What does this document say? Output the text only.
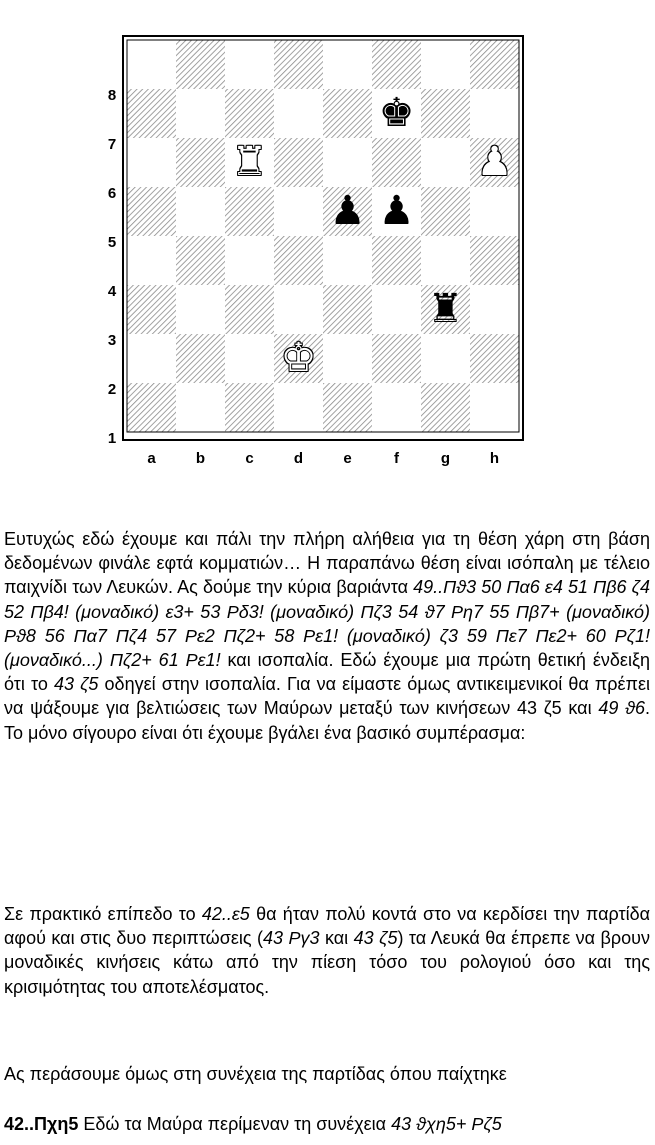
8
7
6
5
4
3
2
1
a	b	c	d	e	f	g	h
♚
♜	♟
♟ ♟
♜
♚
Ευτυχώς εδώ έχουμε και πάλι την πλήρη αλήθεια για τη θέση χάρη στη βάση δεδομένων φινάλε εφτά κομματιών… Η παραπάνω θέση είναι ισόπαλη με τέλειο παιχνίδι των Λευκών. Ας δούμε την κύρια βαριάντα 49..Πϑ3 50 Πα6 ε4 51 Πβ6 ζ4 52 Πβ4! (μοναδικό) ε3+ 53 Ρδ3! (μοναδικό) Πζ3 54 ϑ7 Ρη7 55 Πβ7+ (μοναδικό) Ρϑ8 56 Πα7 Πζ4 57 Ρε2 Πζ2+ 58 Ρε1! (μοναδικό) ζ3 59 Πε7 Πε2+ 60 Ρζ1! (μοναδικό...) Πζ2+ 61 Ρε1! και ισοπαλία. Εδώ έχουμε μια πρώτη θετική ένδειξη ότι το 43 ζ5 οδηγεί στην ισοπαλία. Για να είμαστε όμως αντικειμενικοί θα πρέπει να ψάξουμε για βελτιώσεις των Μαύρων μεταξύ των κινήσεων 43 ζ5 και 49 ϑ6. Το μόνο σίγουρο είναι ότι έχουμε βγάλει ένα βασικό συμπέρασμα:
Σε πρακτικό επίπεδο το 42..ε5 θα ήταν πολύ κοντά στο να κερδίσει την παρτίδα αφού και στις δυο περιπτώσεις (43 Ργ3 και 43 ζ5) τα Λευκά θα έπρεπε να βρουν μοναδικές κινήσεις κάτω από την πίεση τόσο του ρολογιού όσο και της κρισιμότητας του αποτελέσματος.
Ας περάσουμε όμως στη συνέχεια της παρτίδας όπου παίχτηκε
42..Πχη5 Εδώ τα Μαύρα περίμεναν τη συνέχεια 43 ϑχη5+ Ρζ5
